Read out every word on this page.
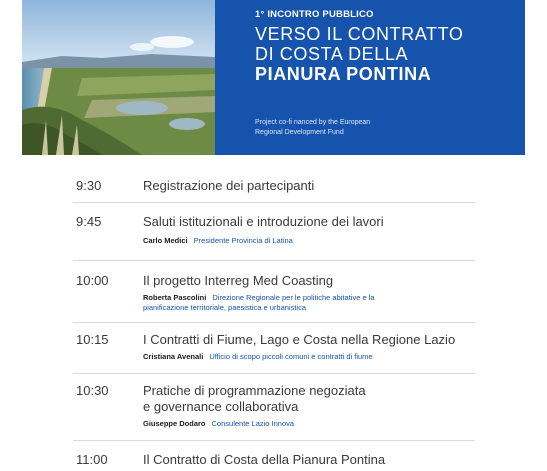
1° INCONTRO PUBBLICO
VERSO IL CONTRATTO
DI COSTA DELLA
PIANURA PONTINA
Project co-fi nanced by the European
Regional Development Fund
9:30	Registrazione dei partecipanti
9:45	Saluti istituzionali e introduzione dei lavori
Carlo Medici Presidente Provincia di Latina
10:00	Il progetto Interreg Med Coasting
Roberta Pascolini Direzione Regionale per le politiche abitative e la
pianificazione territoriale, paesistica e urbanistica
10:15	I Contratti di Fiume, Lago e Costa nella Regione Lazio
Cristiana Avenali Ufficio di scopo piccoli comuni e contratti di fiume
10:30	Pratiche di programmazione negoziata
e governance collaborativa
Giuseppe Dodaro Consulente Lazio Innova
11:00	Il Contratto di Costa della Pianura Pontina
